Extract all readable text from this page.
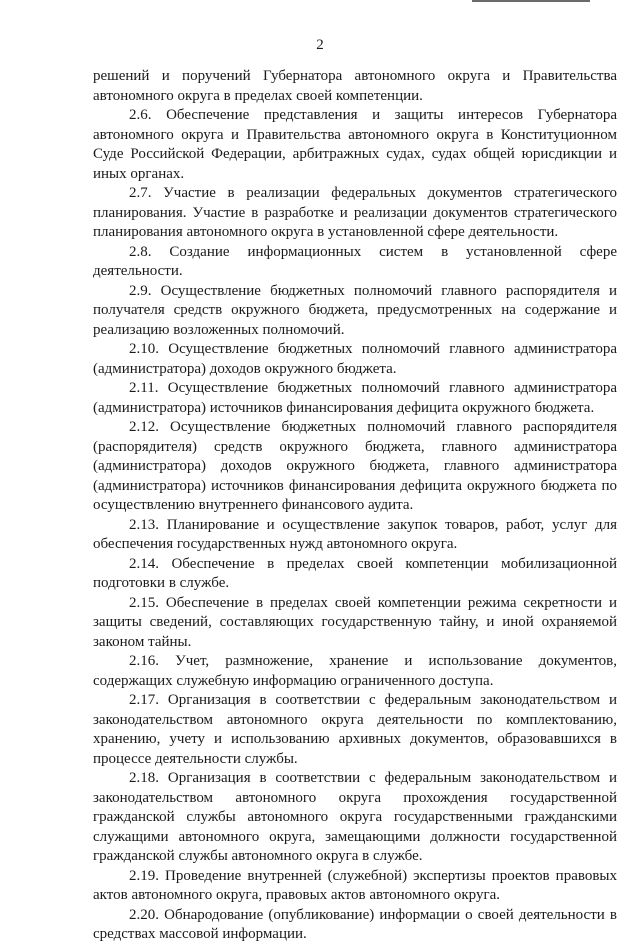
2

решений и поручений Губернатора автономного округа и Правительства автономного округа в пределах своей компетенции.

2.6. Обеспечение представления и защиты интересов Губернатора автономного округа и Правительства автономного округа в Конституционном Суде Российской Федерации, арбитражных судах, судах общей юрисдикции и иных органах.

2.7. Участие в реализации федеральных документов стратегического планирования. Участие в разработке и реализации документов стратегического планирования автономного округа в установленной сфере деятельности.

2.8. Создание информационных систем в установленной сфере деятельности.

2.9. Осуществление бюджетных полномочий главного распорядителя и получателя средств окружного бюджета, предусмотренных на содержание и реализацию возложенных полномочий.

2.10. Осуществление бюджетных полномочий главного администратора (администратора) доходов окружного бюджета.

2.11. Осуществление бюджетных полномочий главного администратора (администратора) источников финансирования дефицита окружного бюджета.

2.12. Осуществление бюджетных полномочий главного распорядителя (распорядителя) средств окружного бюджета, главного администратора (администратора) доходов окружного бюджета, главного администратора (администратора) источников финансирования дефицита окружного бюджета по осуществлению внутреннего финансового аудита.

2.13. Планирование и осуществление закупок товаров, работ, услуг для обеспечения государственных нужд автономного округа.

2.14. Обеспечение в пределах своей компетенции мобилизационной подготовки в службе.

2.15. Обеспечение в пределах своей компетенции режима секретности и защиты сведений, составляющих государственную тайну, и иной охраняемой законом тайны.

2.16. Учет, размножение, хранение и использование документов, содержащих служебную информацию ограниченного доступа.

2.17. Организация в соответствии с федеральным законодательством и законодательством автономного округа деятельности по комплектованию, хранению, учету и использованию архивных документов, образовавшихся в процессе деятельности службы.

2.18. Организация в соответствии с федеральным законодательством и законодательством автономного округа прохождения государственной гражданской службы автономного округа государственными гражданскими служащими автономного округа, замещающими должности государственной гражданской службы автономного округа в службе.

2.19. Проведение внутренней (служебной) экспертизы проектов правовых актов автономного округа, правовых актов автономного округа.

2.20. Обнародование (опубликование) информации о своей деятельности в средствах массовой информации.
